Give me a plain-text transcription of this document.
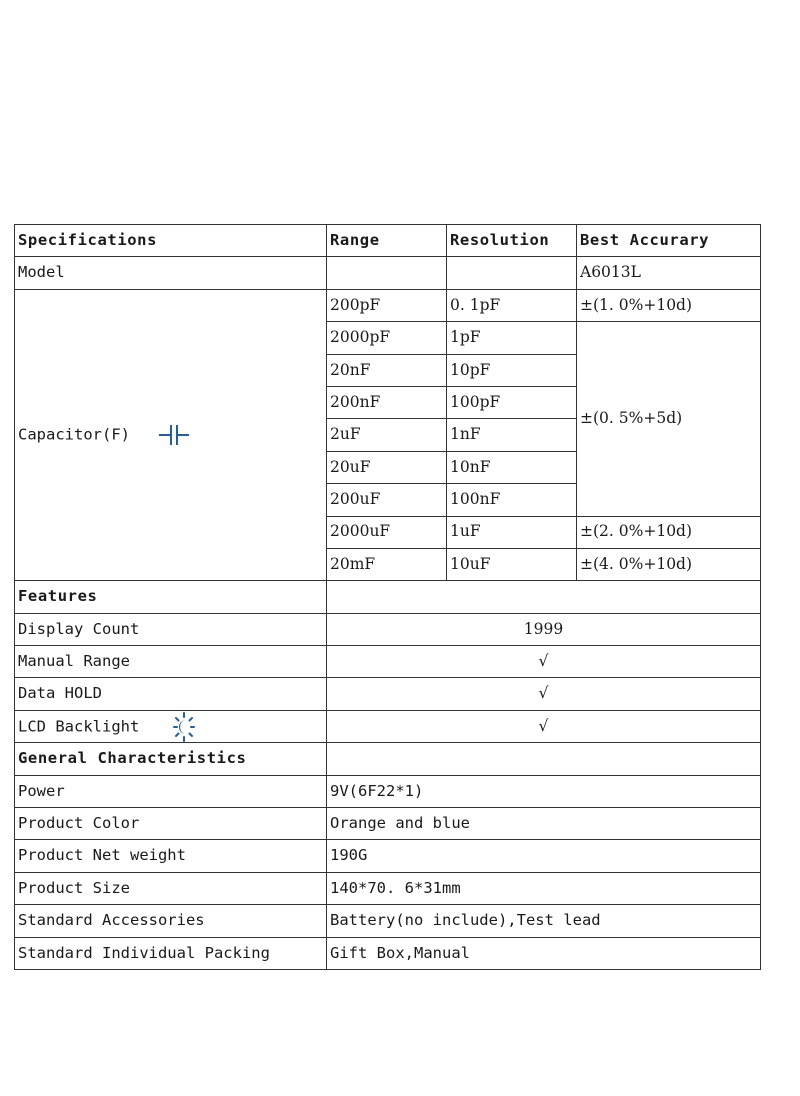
Specifications	Range	Resolution	Best Accurary
Model			A6013L
Capacitor(F)	200pF	0. 1pF	±(1. 0%+10d)
	2000pF	1pF	±(0. 5%+5d)
	20nF	10pF	
	200nF	100pF	
	2uF	1nF	
	20uF	10nF	
	200uF	100nF	
	2000uF	1uF	±(2. 0%+10d)
	20mF	10uF	±(4. 0%+10d)
Features			
Display Count	1999		
Manual Range	√		
Data HOLD	√		
LCD Backlight	√		
General Characteristics			
Power	9V(6F22*1)		
Product Color	Orange and blue		
Product Net weight	190G		
Product Size	140*70. 6*31mm		
Standard Accessories	Battery(no include),Test lead		
Standard Individual Packing	Gift Box,Manual		
